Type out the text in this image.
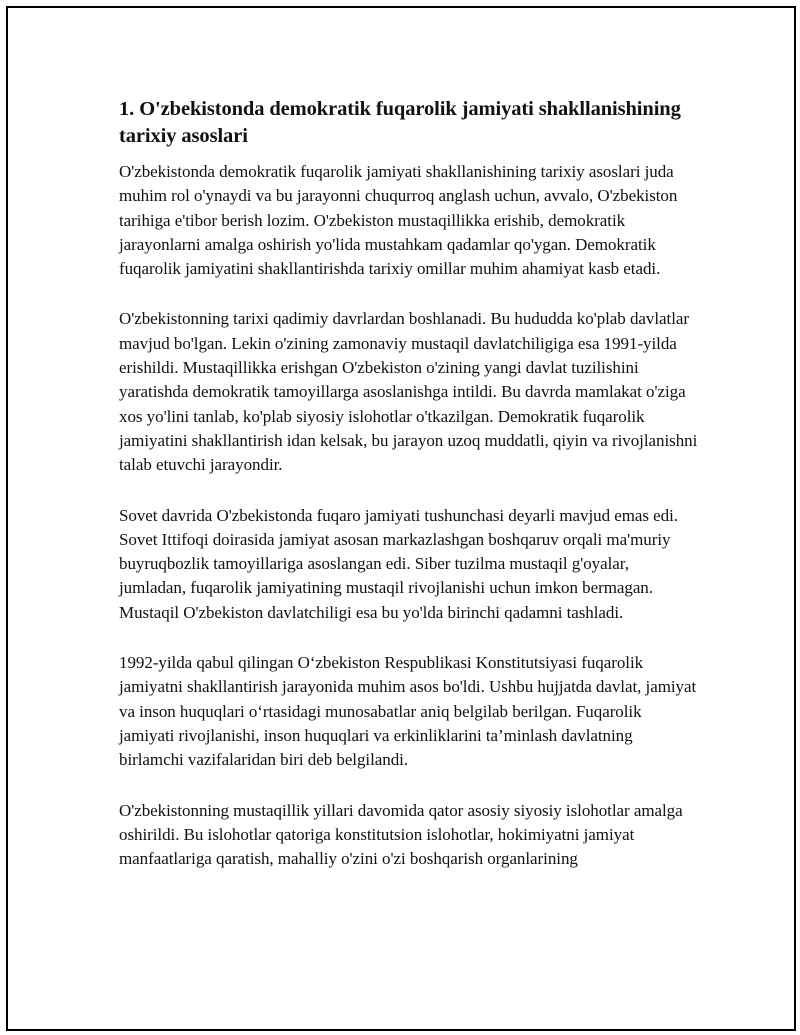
1. O'zbekistonda demokratik fuqarolik jamiyati shakllanishining tarixiy asoslari

O'zbekistonda demokratik fuqarolik jamiyati shakllanishining tarixiy asoslari juda muhim rol o'ynaydi va bu jarayonni chuqurroq anglash uchun, avvalo, O'zbekiston tarihiga e'tibor berish lozim. O'zbekiston mustaqillikka erishib, demokratik jarayonlarni amalga oshirish yo'lida mustahkam qadamlar qo'ygan. Demokratik fuqarolik jamiyatini shakllantirishda tarixiy omillar muhim ahamiyat kasb etadi.

O'zbekistonning tarixi qadimiy davrlardan boshlanadi. Bu hududda ko'plab davlatlar mavjud bo'lgan. Lekin o'zining zamonaviy mustaqil davlatchiligiga esa 1991-yilda erishildi. Mustaqillikka erishgan O'zbekiston o'zining yangi davlat tuzilishini yaratishda demokratik tamoyillarga asoslanishga intildi. Bu davrda mamlakat o'ziga xos yo'lini tanlab, ko'plab siyosiy islohotlar o'tkazilgan. Demokratik fuqarolik jamiyatini shakllantirish idan kelsak, bu jarayon uzoq muddatli, qiyin va rivojlanishni talab etuvchi jarayondir.

Sovet davrida O'zbekistonda fuqaro jamiyati tushunchasi deyarli mavjud emas edi. Sovet Ittifoqi doirasida jamiyat asosan markazlashgan boshqaruv orqali ma'muriy buyruqbozlik tamoyillariga asoslangan edi. Siber tuzilma mustaqil g'oyalar, jumladan, fuqarolik jamiyatining mustaqil rivojlanishi uchun imkon bermagan. Mustaqil O'zbekiston davlatchiligi esa bu yo'lda birinchi qadamni tashladi.

1992-yilda qabul qilingan O‘zbekiston Respublikasi Konstitutsiyasi fuqarolik jamiyatni shakllantirish jarayonida muhim asos bo'ldi. Ushbu hujjatda davlat, jamiyat va inson huquqlari o‘rtasidagi munosabatlar aniq belgilab berilgan. Fuqarolik jamiyati rivojlanishi, inson huquqlari va erkinliklarini ta’minlash davlatning birlamchi vazifalaridan biri deb belgilandi.

O'zbekistonning mustaqillik yillari davomida qator asosiy siyosiy islohotlar amalga oshirildi. Bu islohotlar qatoriga konstitutsion islohotlar, hokimiyatni jamiyat manfaatlariga qaratish, mahalliy o'zini o'zi boshqarish organlarining
